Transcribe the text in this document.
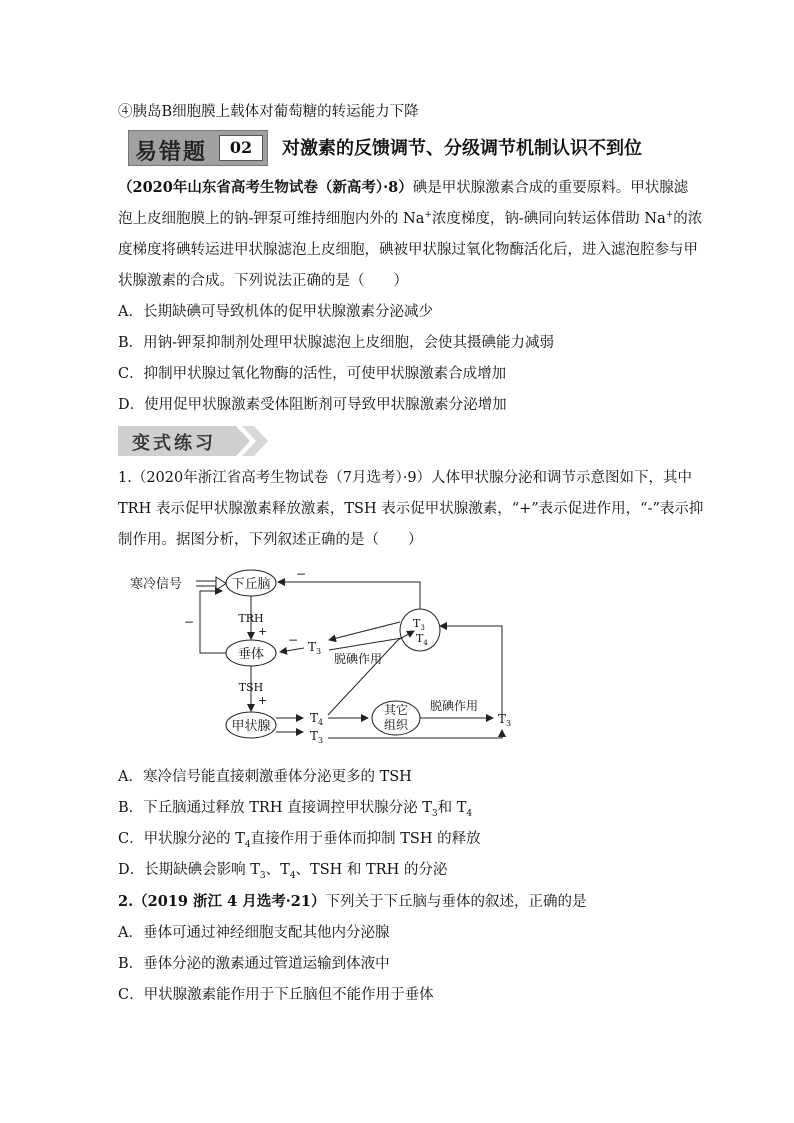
④胰岛B细胞膜上载体对葡萄糖的转运能力下降
易错题	02	对激素的反馈调节、分级调节机制认识不到位
（2020年山东省高考生物试卷（新高考）·8）碘是甲状腺激素合成的重要原料。甲状腺滤
泡上皮细胞膜上的钠-钾泵可维持细胞内外的 Na+浓度梯度，钠-碘同向转运体借助 Na+的浓
度梯度将碘转运进甲状腺滤泡上皮细胞，碘被甲状腺过氧化物酶活化后，进入滤泡腔参与甲
状腺激素的合成。下列说法正确的是（　　）
A．长期缺碘可导致机体的促甲状腺激素分泌减少
B．用钠-钾泵抑制剂处理甲状腺滤泡上皮细胞，会使其摄碘能力减弱
C．抑制甲状腺过氧化物酶的活性，可使甲状腺激素合成增加
D．使用促甲状腺激素受体阻断剂可导致甲状腺激素分泌增加
变式练习
1.（2020年浙江省高考生物试卷（7月选考）·9）人体甲状腺分泌和调节示意图如下，其中
TRH 表示促甲状腺激素释放激素，TSH 表示促甲状腺激素，“+”表示促进作用，“-”表示抑
制作用。据图分析，下列叙述正确的是（　　）
寒冷信号	下丘脑
TRH
+
垂体
TSH
+
甲状腺
−
$T_4$
$T_3$
其它
组织
脱碘作用
$T_3$
$T_3$
$T_4$
−
$T_3$
−
脱碘作用
A．寒冷信号能直接刺激垂体分泌更多的 TSH
B．下丘脑通过释放 TRH 直接调控甲状腺分泌 $T_3$和 $T_4$
C．甲状腺分泌的 $T_4$直接作用于垂体而抑制 TSH 的释放
D．长期缺碘会影响 $T_3$、$T_4$、TSH 和 TRH 的分泌
2.（2019 浙江 4 月选考·21）下列关于下丘脑与垂体的叙述，正确的是
A．垂体可通过神经细胞支配其他内分泌腺
B．垂体分泌的激素通过管道运输到体液中
C．甲状腺激素能作用于下丘脑但不能作用于垂体
